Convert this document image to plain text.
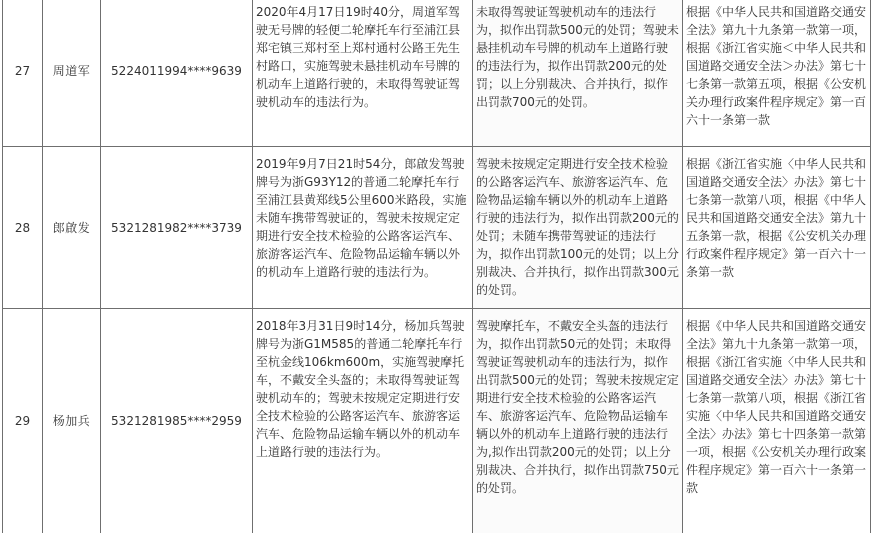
27	周道军	5224011994****9639	2020年4月17日19时40分，周道军驾驶无号牌的轻便二轮摩托车行至浦江县郑宅镇三郑村至上郑村通村公路王先生村路口，实施驾驶未悬挂机动车号牌的机动车上道路行驶的，未取得驾驶证驾驶机动车的违法行为。	未取得驾驶证驾驶机动车的违法行为，拟作出罚款500元的处罚；驾驶未悬挂机动车号牌的机动车上道路行驶的违法行为，拟作出罚款200元的处罚；以上分别裁决、合并执行，拟作出罚款700元的处罚。	根据《中华人民共和国道路交通安全法》第九十九条第一款第一项，根据《浙江省实施＜中华人民共和国道路交通安全法＞办法》第七十七条第一款第五项，根据《公安机关办理行政案件程序规定》第一百六十一条第一款

28	郎啟发	5321281982****3739	2019年9月7日21时54分，郎啟发驾驶牌号为浙G93Y12的普通二轮摩托车行至浦江县黄郑线5公里600米路段，实施未随车携带驾驶证的，驾驶未按规定定期进行安全技术检验的公路客运汽车、旅游客运汽车、危险物品运输车辆以外的机动车上道路行驶的违法行为。	驾驶未按规定定期进行安全技术检验的公路客运汽车、旅游客运汽车、危险物品运输车辆以外的机动车上道路行驶的违法行为，拟作出罚款200元的处罚；未随车携带驾驶证的违法行为，拟作出罚款100元的处罚；以上分别裁决、合并执行，拟作出罚款300元的处罚。	根据《浙江省实施〈中华人民共和国道路交通安全法〉办法》第七十七条第一款第八项，根据《中华人民共和国道路交通安全法》第九十五条第一款，根据《公安机关办理行政案件程序规定》第一百六十一条第一款

29	杨加兵	5321281985****2959	2018年3月31日9时14分，杨加兵驾驶牌号为浙G1M585的普通二轮摩托车行至杭金线106km600m，实施驾驶摩托车，不戴安全头盔的；未取得驾驶证驾驶机动车的；驾驶未按规定定期进行安全技术检验的公路客运汽车、旅游客运汽车、危险物品运输车辆以外的机动车上道路行驶的违法行为。	驾驶摩托车，不戴安全头盔的违法行为，拟作出罚款50元的处罚；未取得驾驶证驾驶机动车的违法行为，拟作出罚款500元的处罚；驾驶未按规定定期进行安全技术检验的公路客运汽车、旅游客运汽车、危险物品运输车辆以外的机动车上道路行驶的违法行为,拟作出罚款200元的处罚；以上分别裁决、合并执行，拟作出罚款750元的处罚。	根据《中华人民共和国道路交通安全法》第九十九条第一款第一项，根据《浙江省实施〈中华人民共和国道路交通安全法〉办法》第七十七条第一款第八项，根据《浙江省实施〈中华人民共和国道路交通安全法〉办法》第七十四条第一款第一项，根据《公安机关办理行政案件程序规定》第一百六十一条第一款
